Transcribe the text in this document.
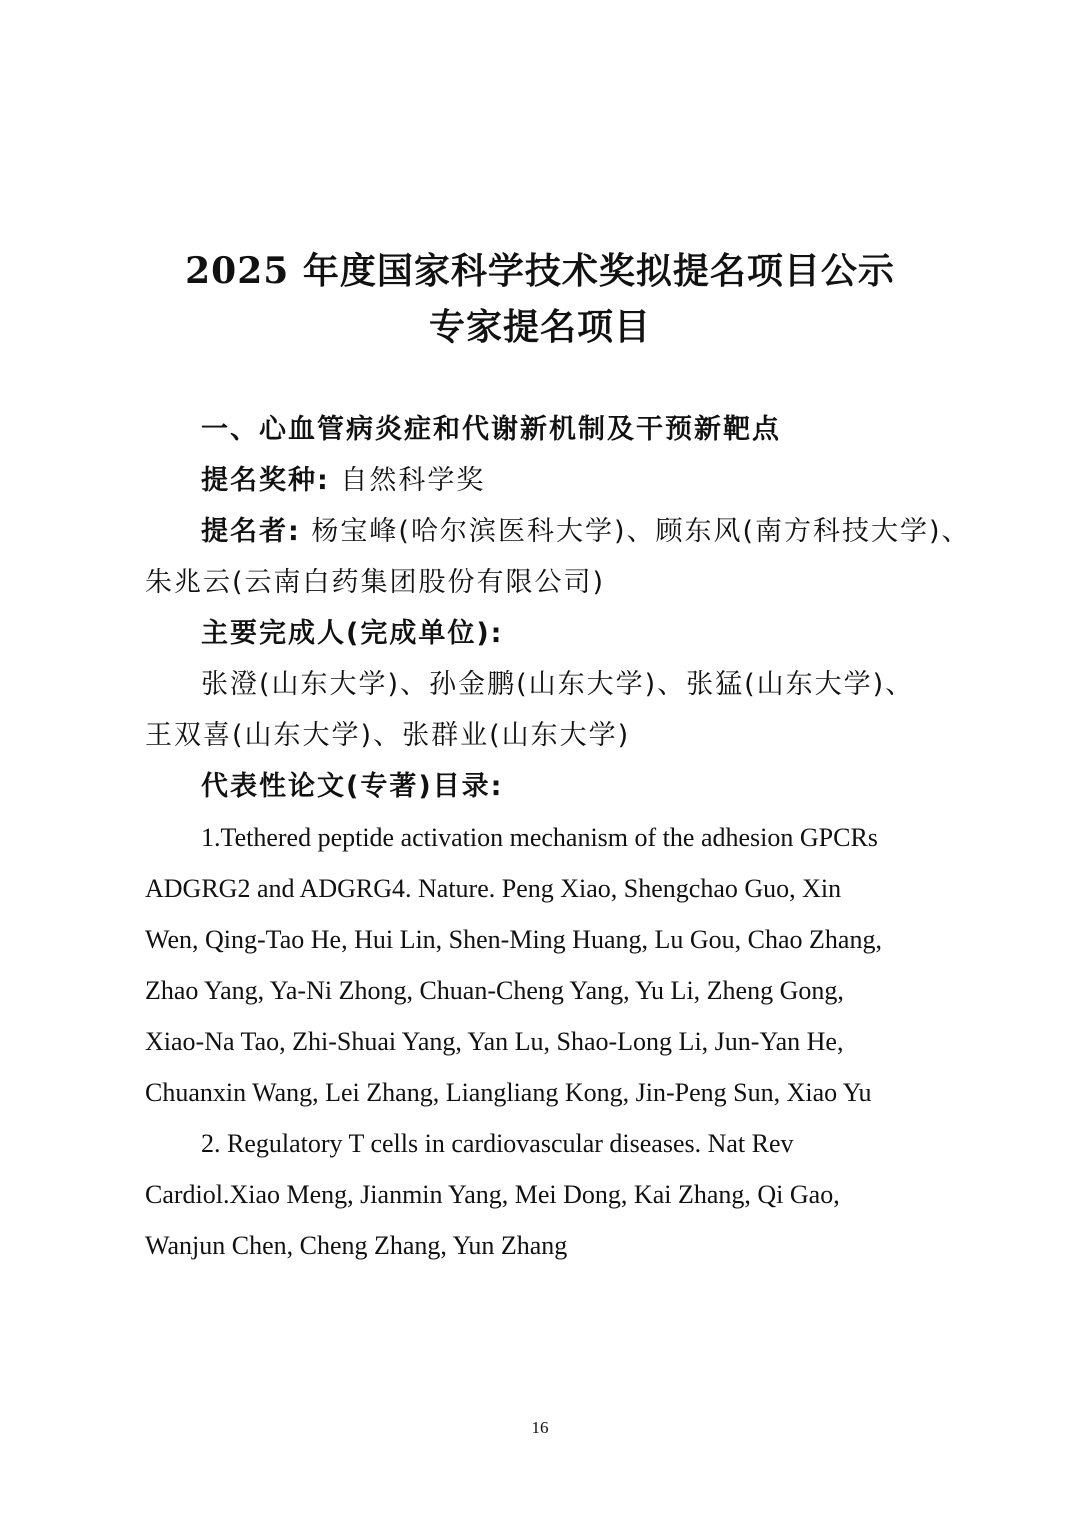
2025 年度国家科学技术奖拟提名项目公示
专家提名项目
一、心血管病炎症和代谢新机制及干预新靶点
提名奖种: 自然科学奖
提名者: 杨宝峰(哈尔滨医科大学)、顾东风(南方科技大学)、
朱兆云(云南白药集团股份有限公司)
主要完成人(完成单位):
张澄(山东大学)、孙金鹏(山东大学)、张猛(山东大学)、
王双喜(山东大学)、张群业(山东大学)
代表性论文(专著)目录:
1.Tethered peptide activation mechanism of the adhesion GPCRs
ADGRG2 and ADGRG4. Nature. Peng Xiao, Shengchao Guo, Xin
Wen, Qing-Tao He, Hui Lin, Shen-Ming Huang, Lu Gou, Chao Zhang,
Zhao Yang, Ya-Ni Zhong, Chuan-Cheng Yang, Yu Li, Zheng Gong,
Xiao-Na Tao, Zhi-Shuai Yang, Yan Lu, Shao-Long Li, Jun-Yan He,
Chuanxin Wang, Lei Zhang, Liangliang Kong, Jin-Peng Sun, Xiao Yu
2. Regulatory T cells in cardiovascular diseases. Nat Rev
Cardiol.Xiao Meng, Jianmin Yang, Mei Dong, Kai Zhang, Qi Gao,
Wanjun Chen, Cheng Zhang, Yun Zhang
16
